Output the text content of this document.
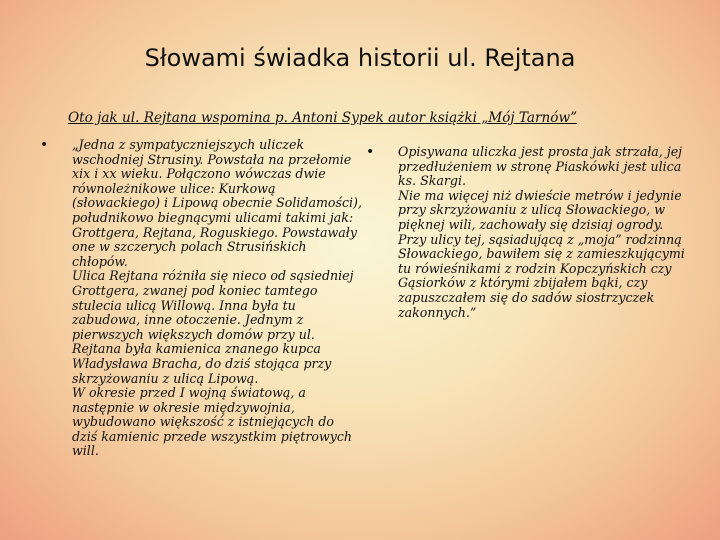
Słowami świadka historii ul. Rejtana
Oto jak ul. Rejtana wspomina p. Antoni Sypek autor książki „Mój Tarnów”
• „Jedna z sympatyczniejszych uliczek wschodniej Strusiny. Powstała na przełomie xix i xx wieku. Połączono wówczas dwie równoleżnikowe ulice: Kurkową (słowackiego) i Lipową obecnie Solidamości), południkowo biegnącymi ulicami takimi jak: Grottgera, Rejtana, Roguskiego. Powstawały one w szczerych polach Strusińskich chłopów.

Ulica Rejtana różniła się nieco od sąsiedniej Grottgera, zwanej pod koniec tamtego stulecia ulicą Willową. Inna była tu zabudowa, inne otoczenie. Jednym z pierwszych większych domów przy ul. Rejtana była kamienica znanego kupca Władysława Bracha, do dziś stojąca przy skrzyżowaniu z ulicą Lipową.

W okresie przed I wojną światową, a następnie w okresie międzywojnia, wybudowano większość z istniejących do dziś kamienic przede wszystkim piętrowych will.

• Opisywana uliczka jest prosta jak strzała, jej przedłużeniem w stronę Piaskówki jest ulica ks. Skargi.

Nie ma więcej niż dwieście metrów i jedynie przy skrzyżowaniu z ulicą Słowackiego, w pięknej wili, zachowały się dzisiaj ogrody.

Przy ulicy tej, sąsiadującą z „moja” rodzinną Słowackiego, bawiłem się z zamieszkującymi tu rówieśnikami z rodzin Kopczyńskich czy Gąsiorków z którymi zbijałem bąki, czy zapuszczałem się do sadów siostrzyczek zakonnych.”
